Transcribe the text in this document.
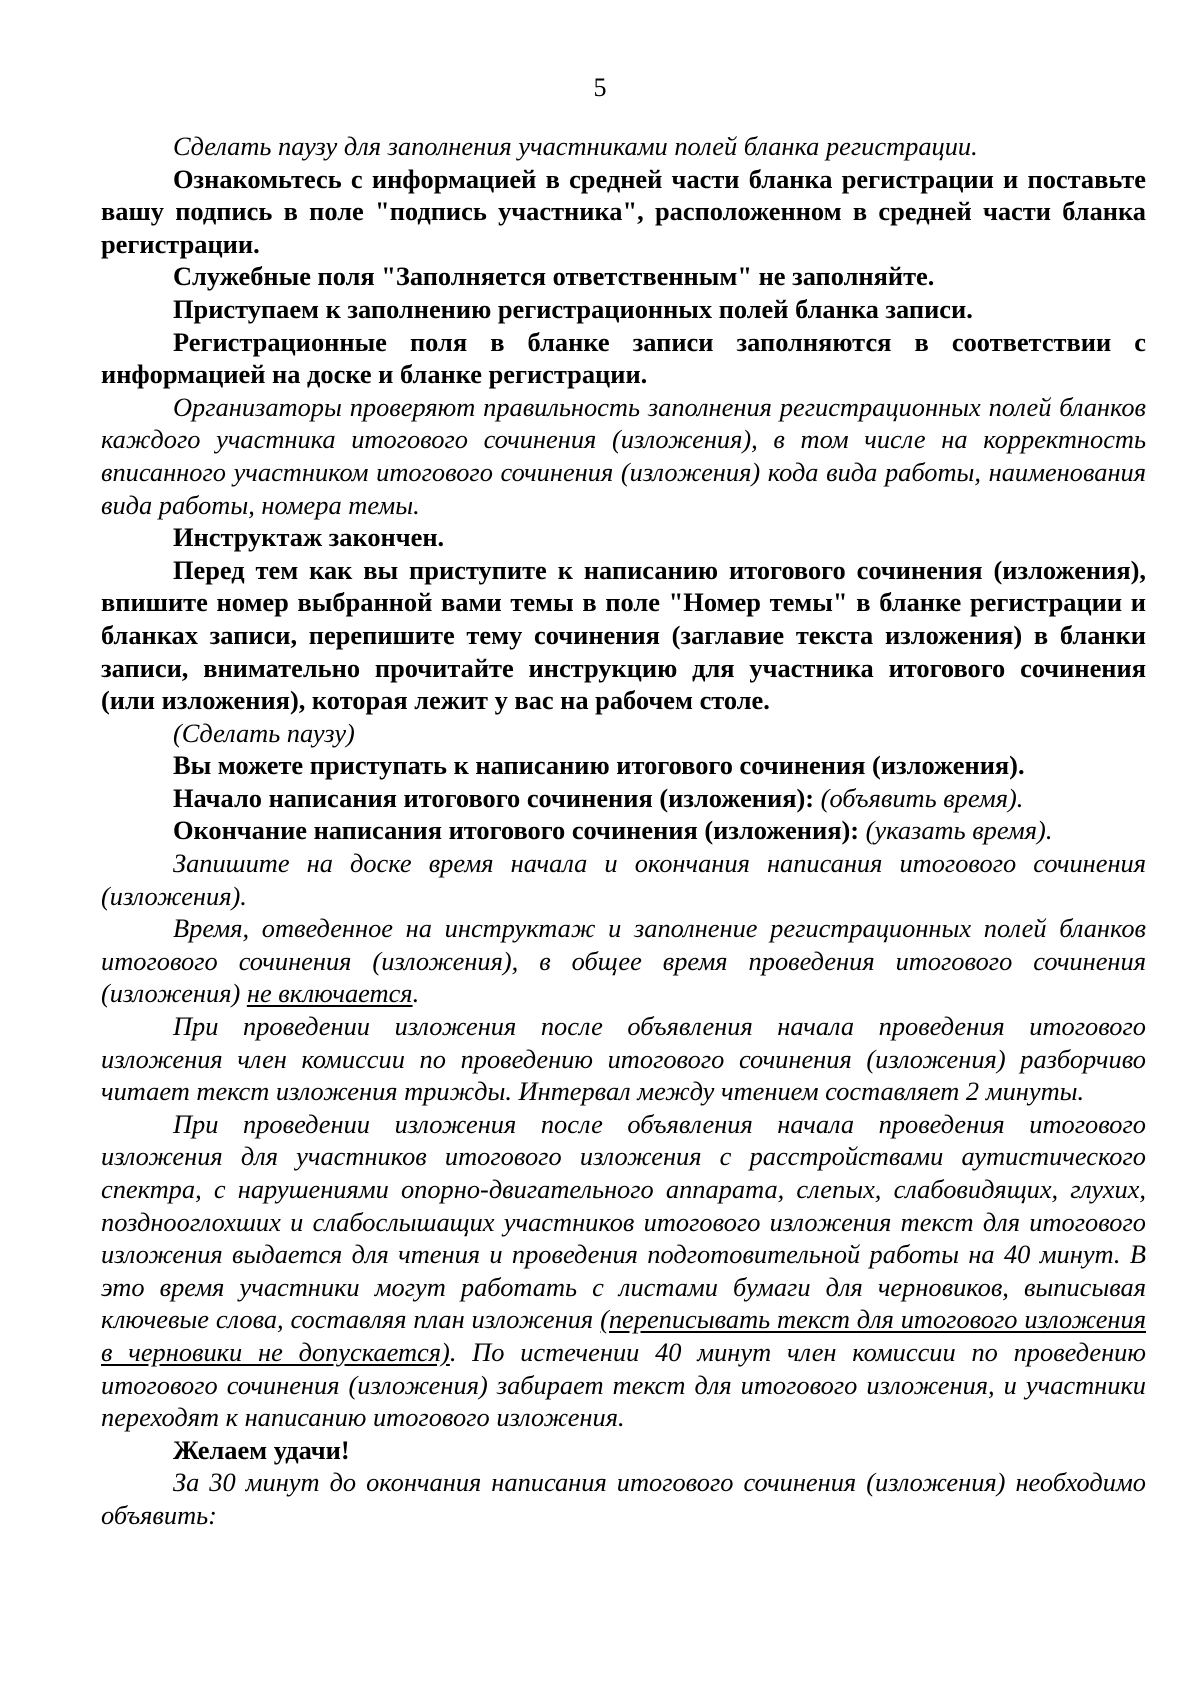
5

Сделать паузу для заполнения участниками полей бланка регистрации.

Ознакомьтесь с информацией в средней части бланка регистрации и поставьте вашу подпись в поле "подпись участника", расположенном в средней части бланка регистрации.

Служебные поля "Заполняется ответственным" не заполняйте.

Приступаем к заполнению регистрационных полей бланка записи.

Регистрационные поля в бланке записи заполняются в соответствии с информацией на доске и бланке регистрации.

Организаторы проверяют правильность заполнения регистрационных полей бланков каждого участника итогового сочинения (изложения), в том числе на корректность вписанного участником итогового сочинения (изложения) кода вида работы, наименования вида работы, номера темы.

Инструктаж закончен.

Перед тем как вы приступите к написанию итогового сочинения (изложения), впишите номер выбранной вами темы в поле "Номер темы" в бланке регистрации и бланках записи, перепишите тему сочинения (заглавие текста изложения) в бланки записи, внимательно прочитайте инструкцию для участника итогового сочинения (или изложения), которая лежит у вас на рабочем столе.

(Сделать паузу)

Вы можете приступать к написанию итогового сочинения (изложения).

Начало написания итогового сочинения (изложения): (объявить время).

Окончание написания итогового сочинения (изложения): (указать время).

Запишите на доске время начала и окончания написания итогового сочинения (изложения).

Время, отведенное на инструктаж и заполнение регистрационных полей бланков итогового сочинения (изложения), в общее время проведения итогового сочинения (изложения) не включается.

При проведении изложения после объявления начала проведения итогового изложения член комиссии по проведению итогового сочинения (изложения) разборчиво читает текст изложения трижды. Интервал между чтением составляет 2 минуты.

При проведении изложения после объявления начала проведения итогового изложения для участников итогового изложения с расстройствами аутистического спектра, с нарушениями опорно-двигательного аппарата, слепых, слабовидящих, глухих, позднооглохших и слабослышащих участников итогового изложения текст для итогового изложения выдается для чтения и проведения подготовительной работы на 40 минут. В это время участники могут работать с листами бумаги для черновиков, выписывая ключевые слова, составляя план изложения (переписывать текст для итогового изложения в черновики не допускается). По истечении 40 минут член комиссии по проведению итогового сочинения (изложения) забирает текст для итогового изложения, и участники переходят к написанию итогового изложения.

Желаем удачи!

За 30 минут до окончания написания итогового сочинения (изложения) необходимо объявить:
